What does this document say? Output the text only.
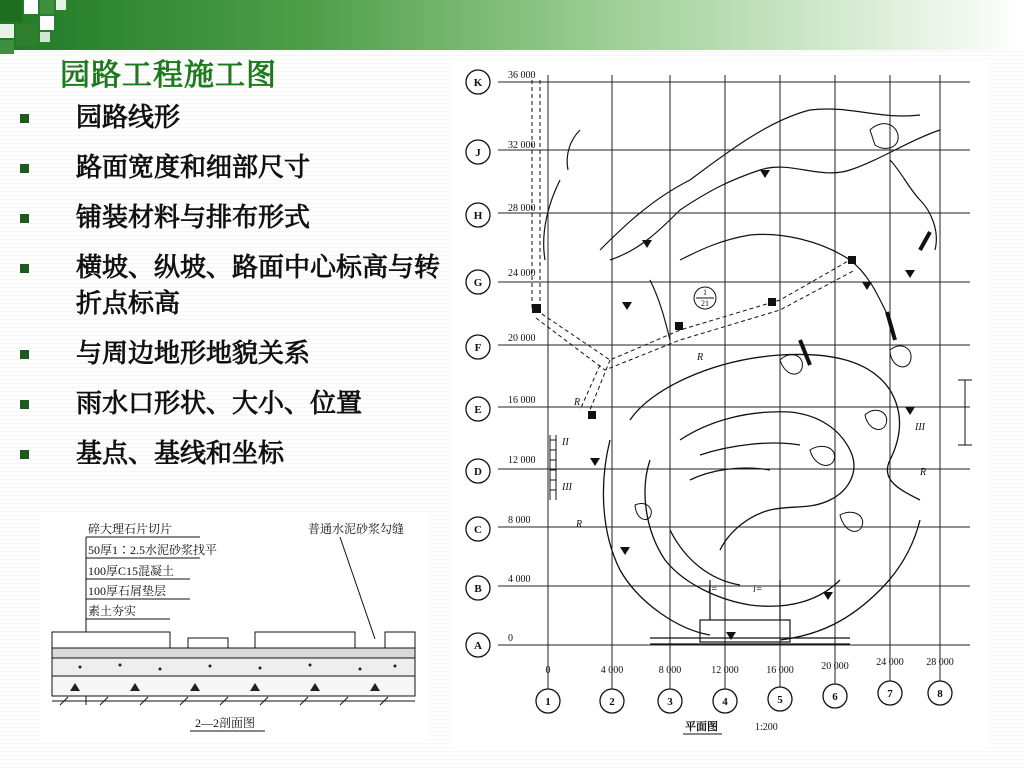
园路工程施工图
园路线形
路面宽度和细部尺寸
铺装材料与排布形式
横坡、纵坡、路面中心标高与转折点标高
与周边地形地貌关系
雨水口形状、大小、位置
基点、基线和坐标
碎大理石片切片
50厚1∶2.5水泥砂浆找平
100厚C15混凝土
100厚石屑垫层
素土夯实
普通水泥砂浆勾缝
2—2剖面图
K
J
H
G
F
E
D
C
B
A
36 000
32 000
28 000
24 000
20 000
16 000
12 000
8 000
4 000
0
0	4 000	8 000	12 000	16 000	20 000	24 000 28 000
1	2	3	4	5	6	7	8
1
21
R
R
R
R
i=	i=
II
III
III
平面图	1:200
